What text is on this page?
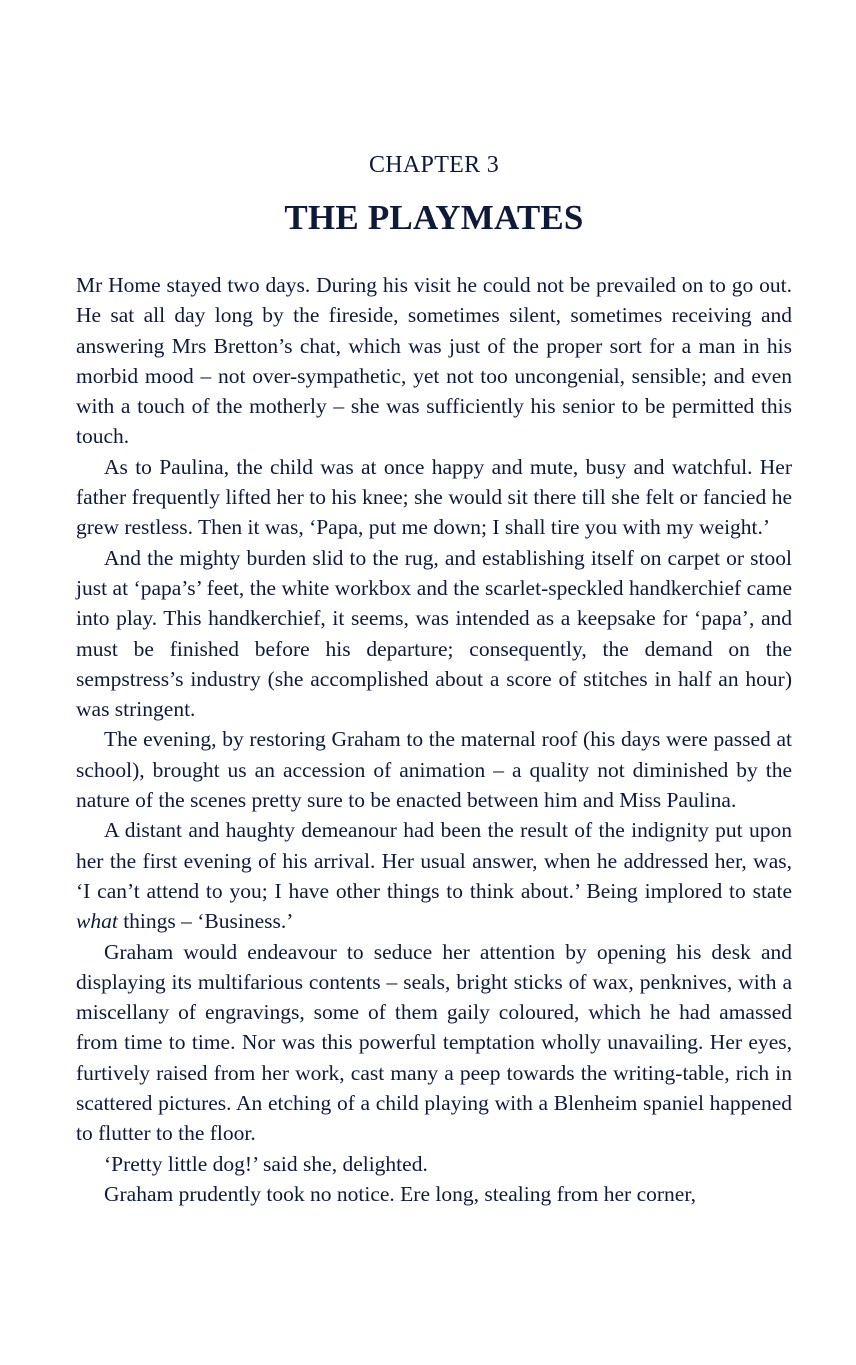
CHAPTER 3
THE PLAYMATES

Mr Home stayed two days. During his visit he could not be prevailed on to go out. He sat all day long by the fireside, sometimes silent, sometimes receiving and answering Mrs Bretton’s chat, which was just of the proper sort for a man in his morbid mood – not over-sympathetic, yet not too uncongenial, sensible; and even with a touch of the motherly – she was sufficiently his senior to be permitted this touch.

As to Paulina, the child was at once happy and mute, busy and watchful. Her father frequently lifted her to his knee; she would sit there till she felt or fancied he grew restless. Then it was, ‘Papa, put me down; I shall tire you with my weight.’

And the mighty burden slid to the rug, and establishing itself on carpet or stool just at ‘papa’s’ feet, the white workbox and the scarlet-speckled handkerchief came into play. This handkerchief, it seems, was intended as a keepsake for ‘papa’, and must be finished before his departure; consequently, the demand on the sempstress’s industry (she accomplished about a score of stitches in half an hour) was stringent.

The evening, by restoring Graham to the maternal roof (his days were passed at school), brought us an accession of animation – a quality not diminished by the nature of the scenes pretty sure to be enacted between him and Miss Paulina.

A distant and haughty demeanour had been the result of the indignity put upon her the first evening of his arrival. Her usual answer, when he addressed her, was, ‘I can’t attend to you; I have other things to think about.’ Being implored to state what things – ‘Business.’

Graham would endeavour to seduce her attention by opening his desk and displaying its multifarious contents – seals, bright sticks of wax, penknives, with a miscellany of engravings, some of them gaily coloured, which he had amassed from time to time. Nor was this powerful temptation wholly unavailing. Her eyes, furtively raised from her work, cast many a peep towards the writing-table, rich in scattered pictures. An etching of a child playing with a Blenheim spaniel happened to flutter to the floor.

‘Pretty little dog!’ said she, delighted.

Graham prudently took no notice. Ere long, stealing from her corner,
